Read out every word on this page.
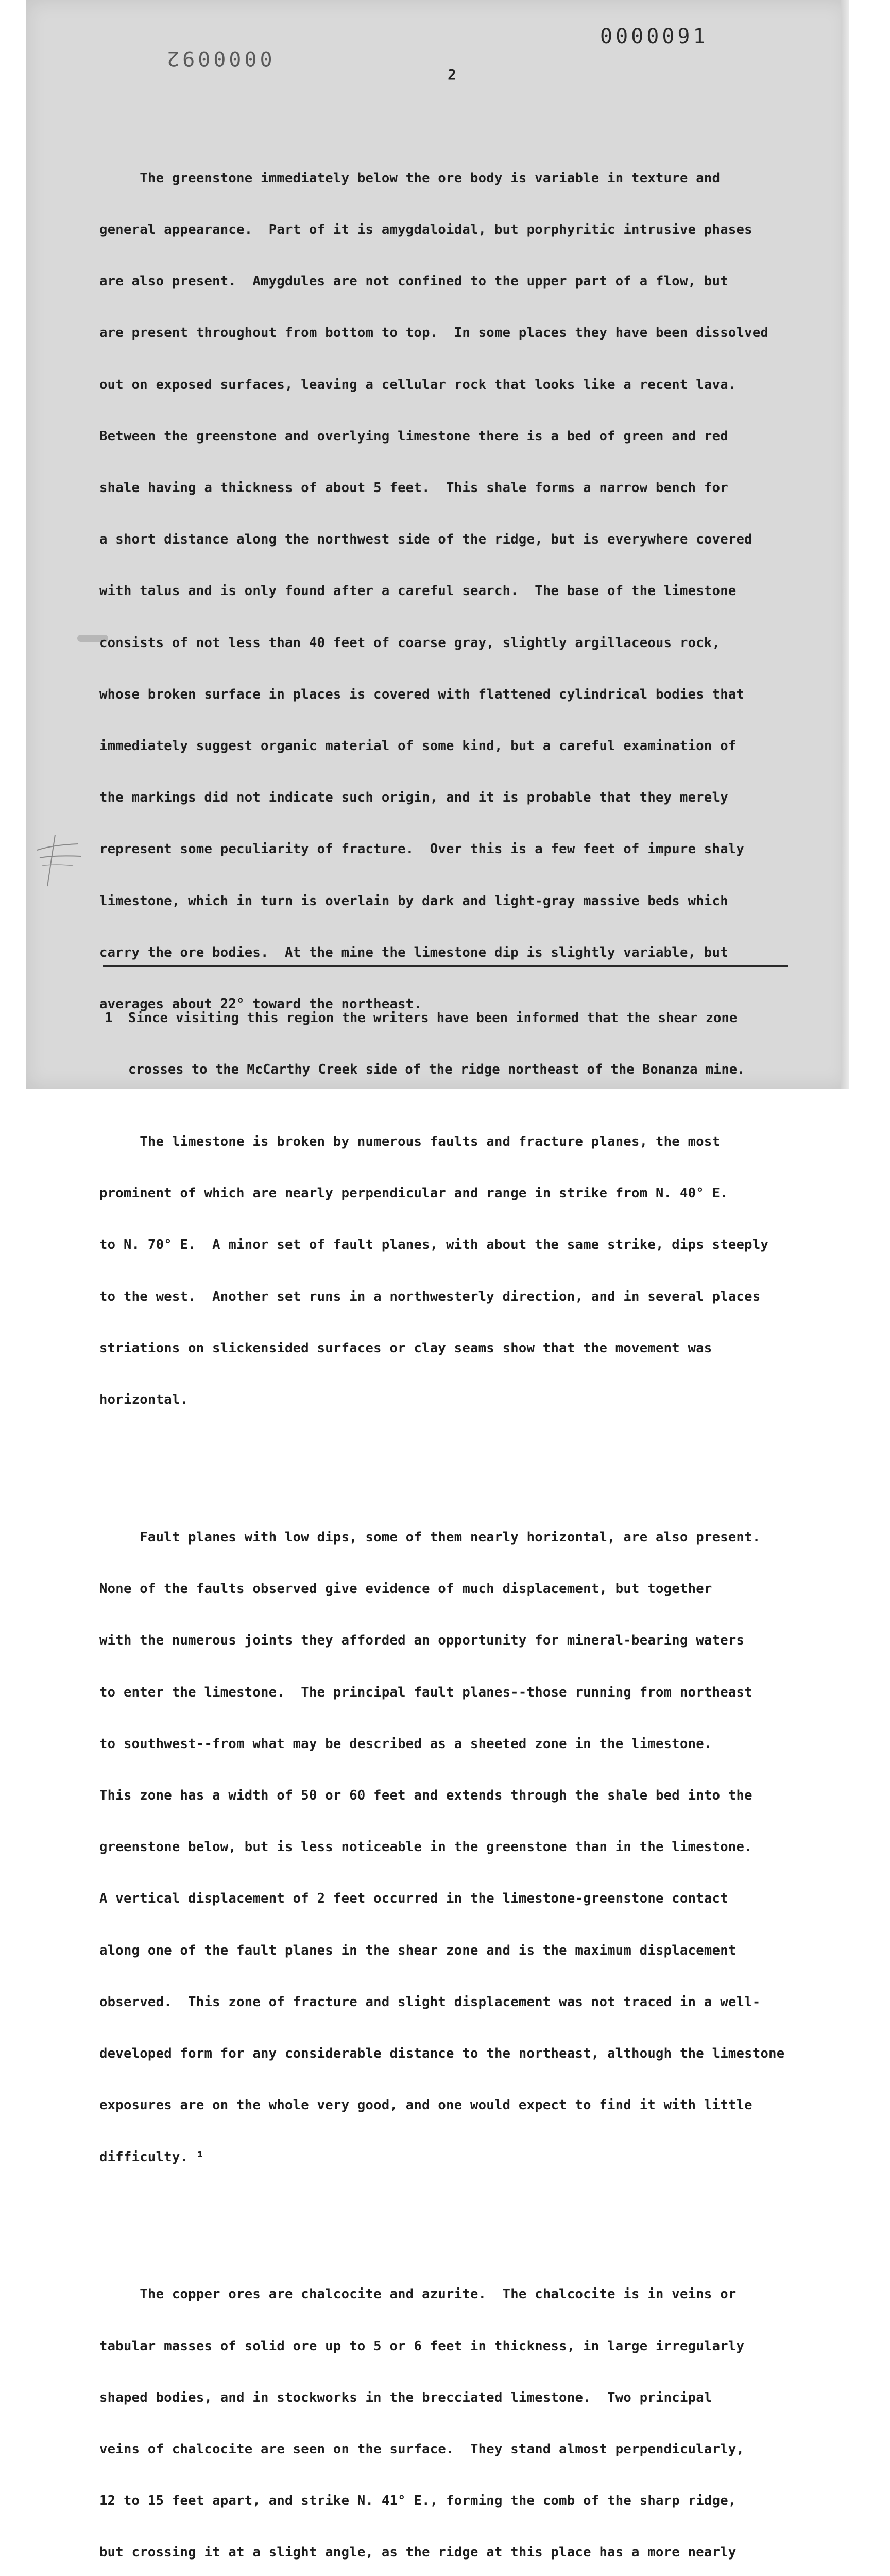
0000091
0000092
2

The greenstone immediately below the ore body is variable in texture and

general appearance.  Part of it is amygdaloidal, but porphyritic intrusive phases

are also present.  Amygdules are not confined to the upper part of a flow, but

are present throughout from bottom to top.  In some places they have been dissolved

out on exposed surfaces, leaving a cellular rock that looks like a recent lava.

Between the greenstone and overlying limestone there is a bed of green and red

shale having a thickness of about 5 feet.  This shale forms a narrow bench for

a short distance along the northwest side of the ridge, but is everywhere covered

with talus and is only found after a careful search.  The base of the limestone

consists of not less than 40 feet of coarse gray, slightly argillaceous rock,

whose broken surface in places is covered with flattened cylindrical bodies that

immediately suggest organic material of some kind, but a careful examination of

the markings did not indicate such origin, and it is probable that they merely

represent some peculiarity of fracture.  Over this is a few feet of impure shaly

limestone, which in turn is overlain by dark and light-gray massive beds which

carry the ore bodies.  At the mine the limestone dip is slightly variable, but

averages about 22° toward the northeast.

The limestone is broken by numerous faults and fracture planes, the most

prominent of which are nearly perpendicular and range in strike from N. 40° E.

to N. 70° E.  A minor set of fault planes, with about the same strike, dips steeply

to the west.  Another set runs in a northwesterly direction, and in several places

striations on slickensided surfaces or clay seams show that the movement was

horizontal.

Fault planes with low dips, some of them nearly horizontal, are also present.

None of the faults observed give evidence of much displacement, but together

with the numerous joints they afforded an opportunity for mineral-bearing waters

to enter the limestone.  The principal fault planes--those running from northeast

to southwest--from what may be described as a sheeted zone in the limestone.

This zone has a width of 50 or 60 feet and extends through the shale bed into the

greenstone below, but is less noticeable in the greenstone than in the limestone.

A vertical displacement of 2 feet occurred in the limestone-greenstone contact

along one of the fault planes in the shear zone and is the maximum displacement

observed.  This zone of fracture and slight displacement was not traced in a well-

developed form for any considerable distance to the northeast, although the limestone

exposures are on the whole very good, and one would expect to find it with little

difficulty. ¹

The copper ores are chalcocite and azurite.  The chalcocite is in veins or

tabular masses of solid ore up to 5 or 6 feet in thickness, in large irregularly

shaped bodies, and in stockworks in the brecciated limestone.  Two principal

veins of chalcocite are seen on the surface.  They stand almost perpendicularly,

12 to 15 feet apart, and strike N. 41° E., forming the comb of the sharp ridge,

but crossing it at a slight angle, as the ridge at this place has a more nearly

1  Since visiting this region the writers have been informed that the shear zone

crosses to the McCarthy Creek side of the ridge northeast of the Bonanza mine.
